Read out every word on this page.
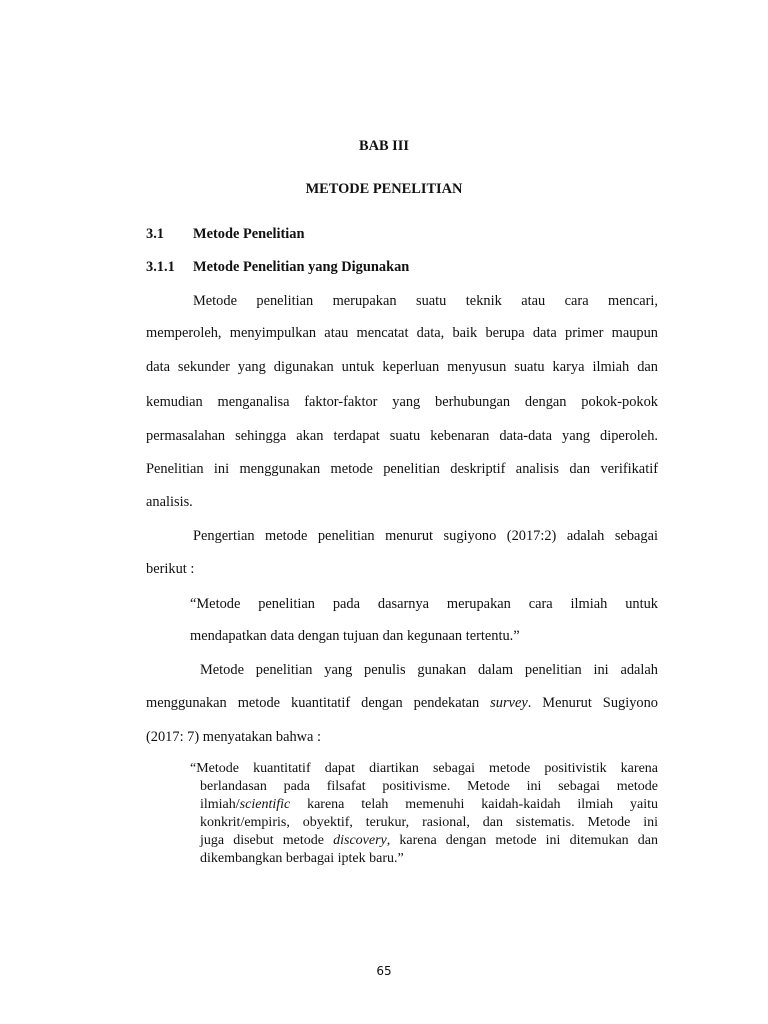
BAB III
METODE PENELITIAN
3.1 Metode Penelitian
3.1.1 Metode Penelitian yang Digunakan
Metode penelitian merupakan suatu teknik atau cara mencari,
memperoleh, menyimpulkan atau mencatat data, baik berupa data primer maupun
data sekunder yang digunakan untuk keperluan menyusun suatu karya ilmiah dan
kemudian menganalisa faktor-faktor yang berhubungan dengan pokok-pokok
permasalahan sehingga akan terdapat suatu kebenaran data-data yang diperoleh.
Penelitian ini menggunakan metode penelitian deskriptif analisis dan verifikatif
analisis.
Pengertian metode penelitian menurut sugiyono (2017:2) adalah sebagai
berikut :
“Metode penelitian pada dasarnya merupakan cara ilmiah untuk
mendapatkan data dengan tujuan dan kegunaan tertentu.”
Metode penelitian yang penulis gunakan dalam penelitian ini adalah
menggunakan metode kuantitatif dengan pendekatan survey. Menurut Sugiyono
(2017: 7) menyatakan bahwa :
“Metode kuantitatif dapat diartikan sebagai metode positivistik karena
berlandasan pada filsafat positivisme. Metode ini sebagai metode
ilmiah/scientific karena telah memenuhi kaidah-kaidah ilmiah yaitu
konkrit/empiris, obyektif, terukur, rasional, dan sistematis. Metode ini
juga disebut metode discovery, karena dengan metode ini ditemukan dan
dikembangkan berbagai iptek baru.”
65
